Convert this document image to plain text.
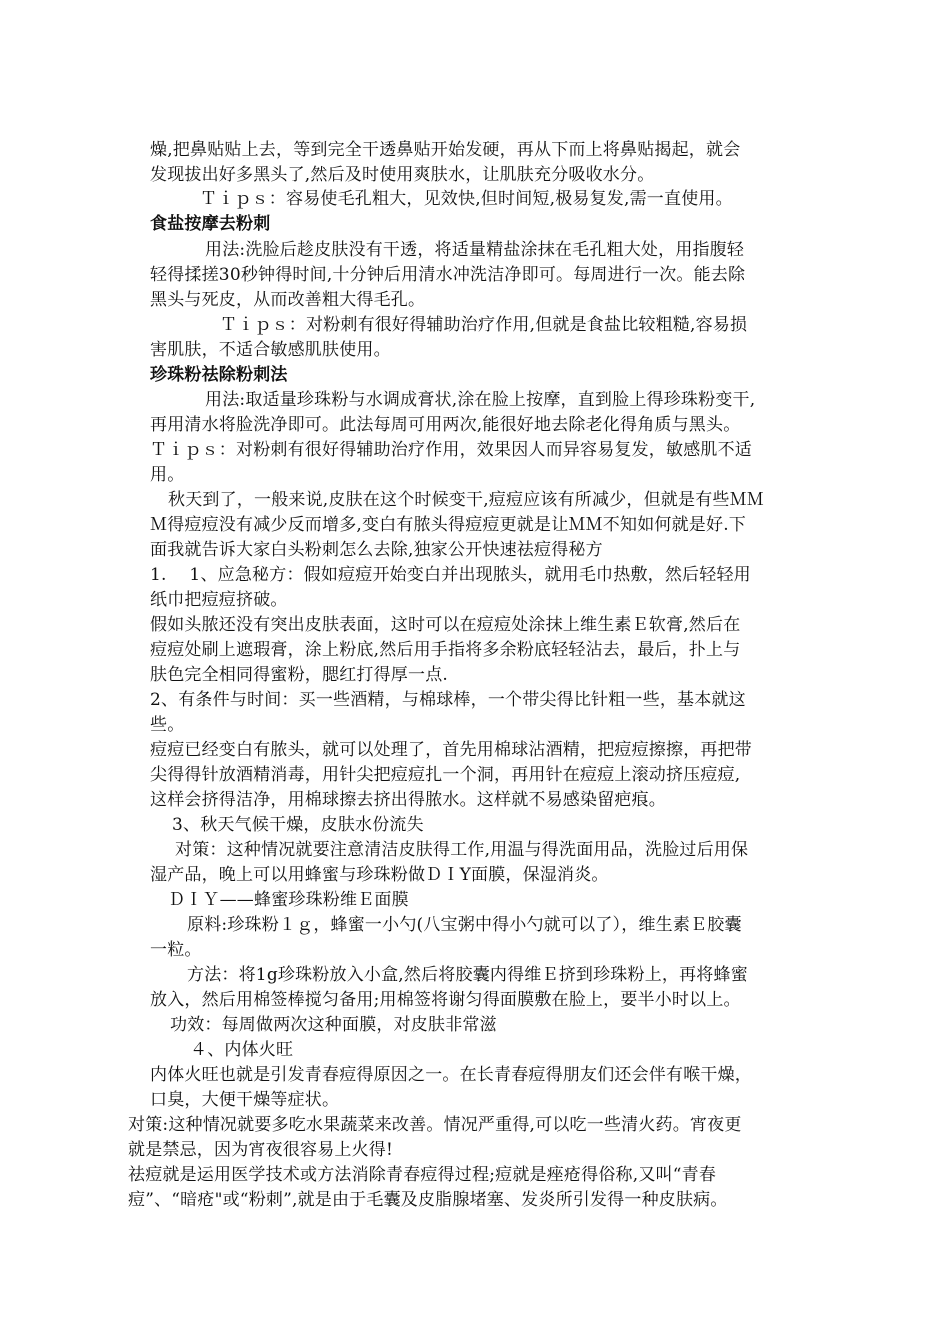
燥,把鼻贴贴上去，等到完全干透鼻贴开始发硬，再从下而上将鼻贴揭起，就会
发现拔出好多黑头了,然后及时使用爽肤水，让肌肤充分吸收水分。
Ｔｉｐｓ：容易使毛孔粗大，见效快,但时间短,极易复发,需一直使用。
食盐按摩去粉刺
用法:洗脸后趁皮肤没有干透，将适量精盐涂抹在毛孔粗大处，用指腹轻
轻得揉搓30秒钟得时间,十分钟后用清水冲洗洁净即可。每周进行一次。能去除
黑头与死皮，从而改善粗大得毛孔。
Ｔｉｐｓ：对粉刺有很好得辅助治疗作用,但就是食盐比较粗糙,容易损
害肌肤，不适合敏感肌肤使用。
珍珠粉祛除粉刺法
用法:取适量珍珠粉与水调成膏状,涂在脸上按摩，直到脸上得珍珠粉变干,
再用清水将脸洗净即可。此法每周可用两次,能很好地去除老化得角质与黑头。
Ｔｉｐｓ：对粉刺有很好得辅助治疗作用，效果因人而异容易复发，敏感肌不适
用。
秋天到了，一般来说,皮肤在这个时候变干,痘痘应该有所减少，但就是有些ＭＭ
Ｍ得痘痘没有减少反而增多,变白有脓头得痘痘更就是让ＭＭ不知如何就是好.下
面我就告诉大家白头粉刺怎么去除,独家公开快速祛痘得秘方
1.　 1、应急秘方：假如痘痘开始变白并出现脓头，就用毛巾热敷，然后轻轻用
纸巾把痘痘挤破。
假如头脓还没有突出皮肤表面，这时可以在痘痘处涂抹上维生素Ｅ软膏,然后在
痘痘处刷上遮瑕膏，涂上粉底,然后用手指将多余粉底轻轻沾去，最后，扑上与
肤色完全相同得蜜粉，腮红打得厚一点.
2、有条件与时间：买一些酒精，与棉球棒，一个带尖得比针粗一些，基本就这
些。
痘痘已经变白有脓头，就可以处理了，首先用棉球沾酒精，把痘痘擦擦，再把带
尖得得针放酒精消毒，用针尖把痘痘扎一个洞，再用针在痘痘上滚动挤压痘痘,
这样会挤得洁净，用棉球擦去挤出得脓水。这样就不易感染留疤痕。
3、秋天气候干燥，皮肤水份流失
对策：这种情况就要注意清洁皮肤得工作,用温与得洗面用品，洗脸过后用保
湿产品，晚上可以用蜂蜜与珍珠粉做ＤＩY面膜，保湿消炎。
ＤＩＹ——蜂蜜珍珠粉维Ｅ面膜
原料:珍珠粉１ｇ，蜂蜜一小勺(八宝粥中得小勺就可以了），维生素Ｅ胶囊
一粒。
方法：将1g珍珠粉放入小盒,然后将胶囊内得维Ｅ挤到珍珠粉上，再将蜂蜜
放入，然后用棉签棒搅匀备用;用棉签将谢匀得面膜敷在脸上，要半小时以上。
功效：每周做两次这种面膜，对皮肤非常滋
４、内体火旺
内体火旺也就是引发青春痘得原因之一。在长青春痘得朋友们还会伴有喉干燥，
口臭，大便干燥等症状。
对策:这种情况就要多吃水果蔬菜来改善。情况严重得,可以吃一些清火药。宵夜更
就是禁忌，因为宵夜很容易上火得!
祛痘就是运用医学技术或方法消除青春痘得过程;痘就是痤疮得俗称,又叫“青春
痘”、“暗疮"或“粉刺”,就是由于毛囊及皮脂腺堵塞、发炎所引发得一种皮肤病。
